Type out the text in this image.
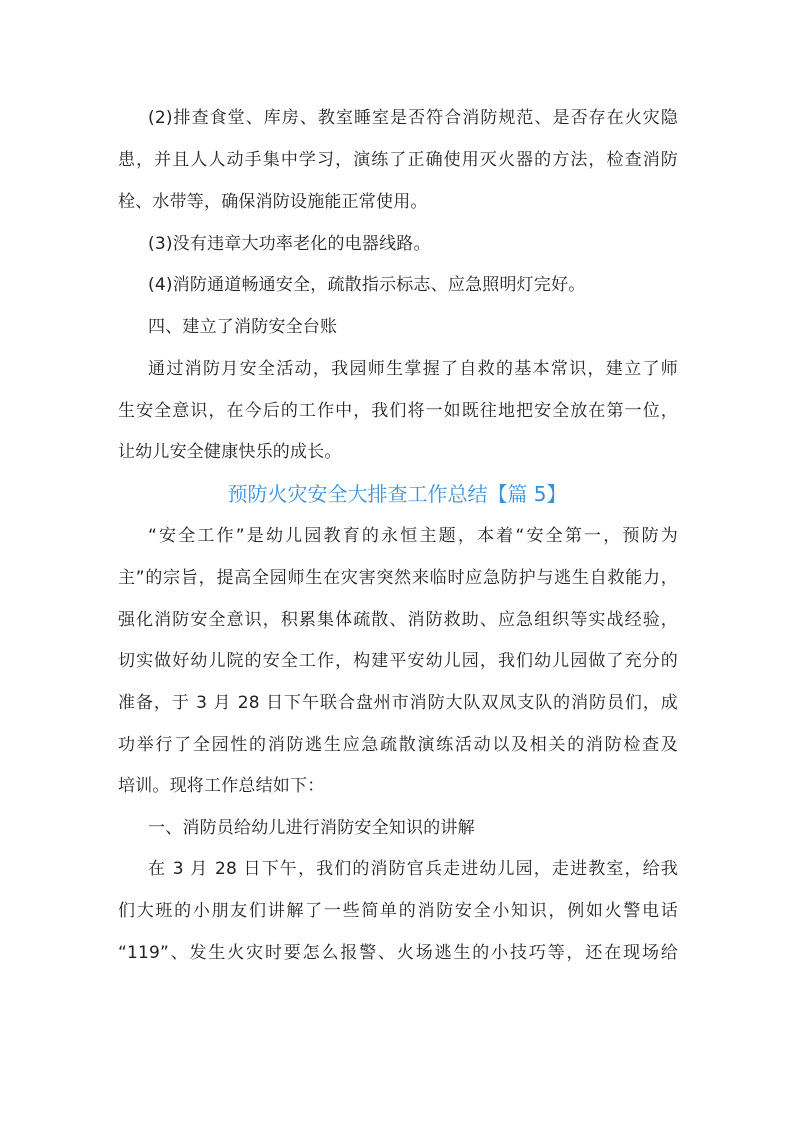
(2)排查食堂、库房、教室睡室是否符合消防规范、是否存在火灾隐
患，并且人人动手集中学习，演练了正确使用灭火器的方法，检查消防
栓、水带等，确保消防设施能正常使用。
(3)没有违章大功率老化的电器线路。
(4)消防通道畅通安全，疏散指示标志、应急照明灯完好。
四、建立了消防安全台账
通过消防月安全活动，我园师生掌握了自救的基本常识，建立了师
生安全意识，在今后的工作中，我们将一如既往地把安全放在第一位，
让幼儿安全健康快乐的成长。
预防火灾安全大排查工作总结【篇 5】
“安全工作”是幼儿园教育的永恒主题，本着“安全第一，预防为
主”的宗旨，提高全园师生在灾害突然来临时应急防护与逃生自救能力，
强化消防安全意识，积累集体疏散、消防救助、应急组织等实战经验，
切实做好幼儿院的安全工作，构建平安幼儿园，我们幼儿园做了充分的
准备，于 3 月 28 日下午联合盘州市消防大队双凤支队的消防员们，成
功举行了全园性的消防逃生应急疏散演练活动以及相关的消防检查及
培训。现将工作总结如下：
一、消防员给幼儿进行消防安全知识的讲解
在 3 月 28 日下午，我们的消防官兵走进幼儿园，走进教室，给我
们大班的小朋友们讲解了一些简单的消防安全小知识，例如火警电话
“119”、发生火灾时要怎么报警、火场逃生的小技巧等，还在现场给
